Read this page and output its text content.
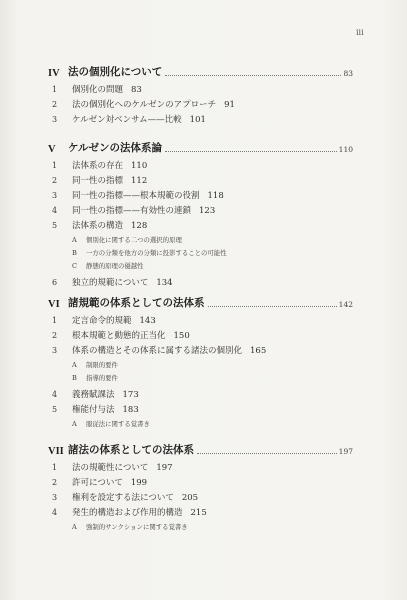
iii
IV 法の個別化について	83
1	個別化の問題 83
2	法の個別化へのケルゼンのアプローチ 91
3	ケルゼン対ベンサム——比較 101
V	ケルゼンの法体系論	110
1	法体系の存在 110
2	同一性の指標 112
3	同一性の指標——根本規範の役割 118
4	同一性の指標——有効性の連鎖 123
5	法体系の構造 128
A	個別化に関する二つの選択的原理
B	一方の分類を他方の分類に投影することの可能性
C	静態的原理の優越性
6	独立的規範について 134
VI 諸規範の体系としての法体系	142
1	定言命令的規範 143
2	根本規範と動態的正当化 150
3	体系の構造とその体系に属する諸法の個別化 165
A	制限的要件
B	指導的要件
4	義務賦課法 173
5	権能付与法 183
A	服従法に関する覚書き
VII 諸法の体系としての法体系	197
1	法の規範性について 197
2	許可について 199
3	権利を設定する法について 205
4	発生的構造および作用的構造 215
A	強制的サンクションに関する覚書き
